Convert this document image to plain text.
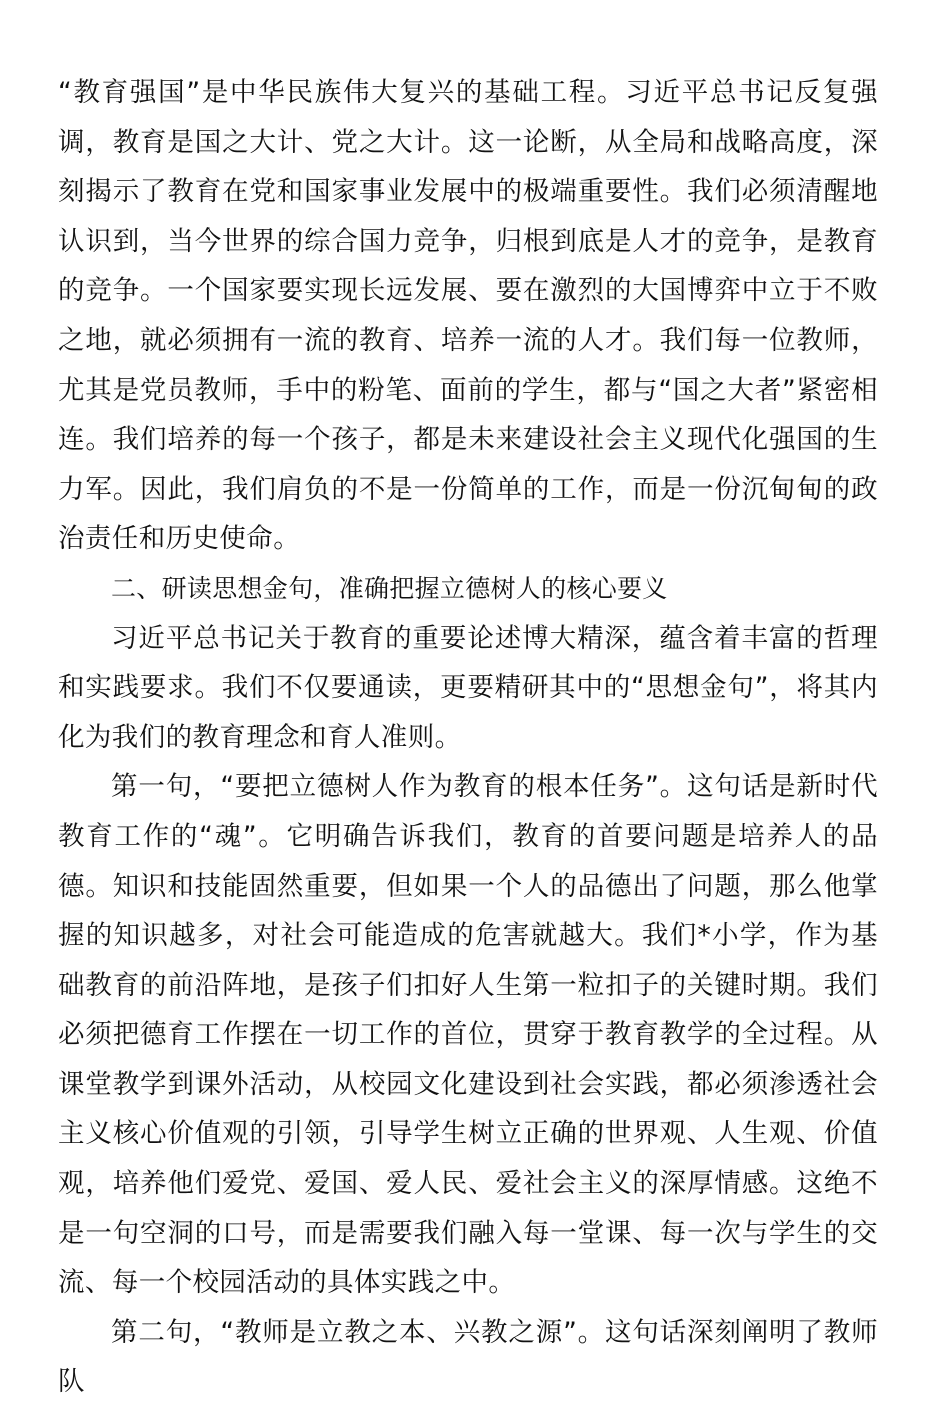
“教育强国”是中华民族伟大复兴的基础工程。习近平总书记反复强调，教育是国之大计、党之大计。这一论断，从全局和战略高度，深刻揭示了教育在党和国家事业发展中的极端重要性。我们必须清醒地认识到，当今世界的综合国力竞争，归根到底是人才的竞争，是教育的竞争。一个国家要实现长远发展、要在激烈的大国博弈中立于不败之地，就必须拥有一流的教育、培养一流的人才。我们每一位教师，尤其是党员教师，手中的粉笔、面前的学生，都与“国之大者”紧密相连。我们培养的每一个孩子，都是未来建设社会主义现代化强国的生力军。因此，我们肩负的不是一份简单的工作，而是一份沉甸甸的政治责任和历史使命。

二、研读思想金句，准确把握立德树人的核心要义

习近平总书记关于教育的重要论述博大精深，蕴含着丰富的哲理和实践要求。我们不仅要通读，更要精研其中的“思想金句”，将其内化为我们的教育理念和育人准则。

第一句，“要把立德树人作为教育的根本任务”。这句话是新时代教育工作的“魂”。它明确告诉我们，教育的首要问题是培养人的品德。知识和技能固然重要，但如果一个人的品德出了问题，那么他掌握的知识越多，对社会可能造成的危害就越大。我们*小学，作为基础教育的前沿阵地，是孩子们扣好人生第一粒扣子的关键时期。我们必须把德育工作摆在一切工作的首位，贯穿于教育教学的全过程。从课堂教学到课外活动，从校园文化建设到社会实践，都必须渗透社会主义核心价值观的引领，引导学生树立正确的世界观、人生观、价值观，培养他们爱党、爱国、爱人民、爱社会主义的深厚情感。这绝不是一句空洞的口号，而是需要我们融入每一堂课、每一次与学生的交流、每一个校园活动的具体实践之中。

第二句，“教师是立教之本、兴教之源”。这句话深刻阐明了教师队
